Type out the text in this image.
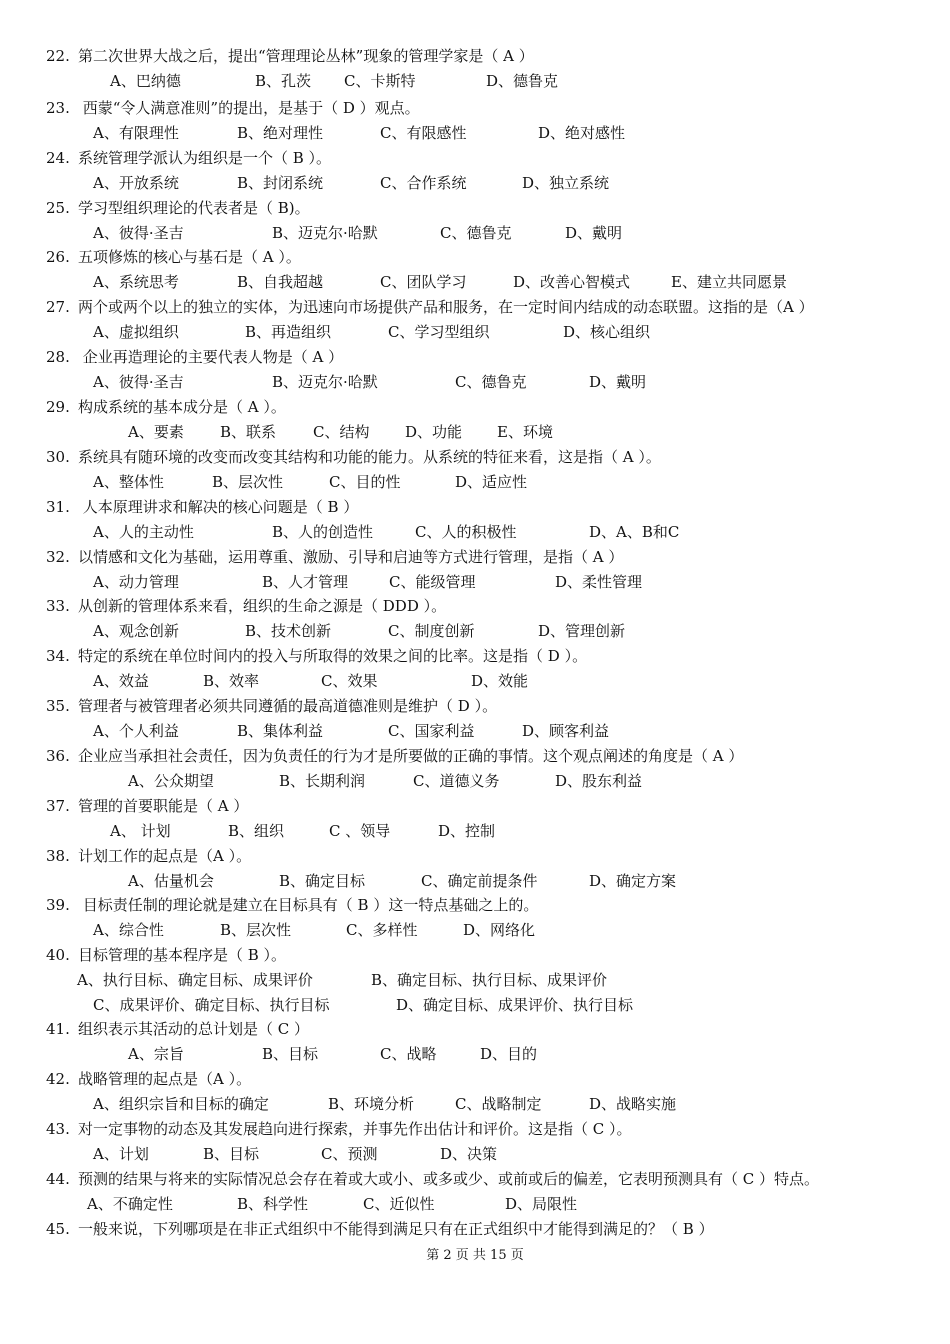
22. 第二次世界大战之后，提出“管理理论丛林”现象的管理学家是（ A ）
A、巴纳德	B、孔茨 C、卡斯特	D、德鲁克
23. 西蒙“令人满意准则”的提出，是基于（ D ）观点。
A、有限理性	B、绝对理性	C、有限感性	D、绝对感性
24. 系统管理学派认为组织是一个（ B ）。
A、开放系统	B、封闭系统	C、合作系统	D、独立系统
25. 学习型组织理论的代表者是（ B)。
A、彼得·圣吉	B、迈克尔·哈默	C、德鲁克	D、戴明
26. 五项修炼的核心与基石是（ A ）。
A、系统思考	B、自我超越	C、团队学习	D、改善心智模式	E、建立共同愿景
27. 两个或两个以上的独立的实体，为迅速向市场提供产品和服务，在一定时间内结成的动态联盟。这指的是（A ）
A、虚拟组织	B、再造组织	C、学习型组织	D、核心组织
28. 企业再造理论的主要代表人物是（ A ）
A、彼得·圣吉	B、迈克尔·哈默	C、德鲁克	D、戴明
29. 构成系统的基本成分是（ A ）。
A、要素 B、联系 C、结构 D、功能 E、环境
30. 系统具有随环境的改变而改变其结构和功能的能力。从系统的特征来看，这是指（ A ）。
A、整体性	B、层次性	C、目的性	D、适应性
31. 人本原理讲求和解决的核心问题是（ B ）
A、人的主动性	B、人的创造性	C、人的积极性	D、A、B和C
32. 以情感和文化为基础，运用尊重、激励、引导和启迪等方式进行管理，是指（ A ）
A、动力管理	B、人才管理	C、能级管理	D、柔性管理
33. 从创新的管理体系来看，组织的生命之源是（ DDD ）。
A、观念创新	B、技术创新	C、制度创新	D、管理创新
34. 特定的系统在单位时间内的投入与所取得的效果之间的比率。这是指（ D ）。
A、效益	B、效率	C、效果	D、效能
35. 管理者与被管理者必须共同遵循的最高道德准则是维护（ D ）。
A、个人利益	B、集体利益	C、国家利益	D、顾客利益
36. 企业应当承担社会责任，因为负责任的行为才是所要做的正确的事情。这个观点阐述的角度是（ A ）
A、公众期望	B、长期利润	C、道德义务	D、股东利益
37. 管理的首要职能是（ A ）
A、 计划	B、组织	C 、领导	D、控制
38. 计划工作的起点是（A ）。
A、估量机会	B、确定目标	C、确定前提条件	D、确定方案
39. 目标责任制的理论就是建立在目标具有（ B ）这一特点基础之上的。
A、综合性	B、层次性	C、多样性	D、网络化
40. 目标管理的基本程序是（ B ）。
A、执行目标、确定目标、成果评价	B、确定目标、执行目标、成果评价
C、成果评价、确定目标、执行目标	D、确定目标、成果评价、执行目标
41. 组织表示其活动的总计划是（ C ）
A、宗旨	B、目标	C、战略	D、目的
42. 战略管理的起点是（A ）。
A、组织宗旨和目标的确定	B、环境分析	C、战略制定	D、战略实施
43. 对一定事物的动态及其发展趋向进行探索，并事先作出估计和评价。这是指（ C ）。
A、计划	B、目标	C、预测	D、决策
44. 预测的结果与将来的实际情况总会存在着或大或小、或多或少、或前或后的偏差，它表明预测具有（ C ）特点。
A、不确定性	B、科学性	C、近似性	D、局限性
45. 一般来说，下列哪项是在非正式组织中不能得到满足只有在正式组织中才能得到满足的？（ B ）
第 2 页 共 15 页
